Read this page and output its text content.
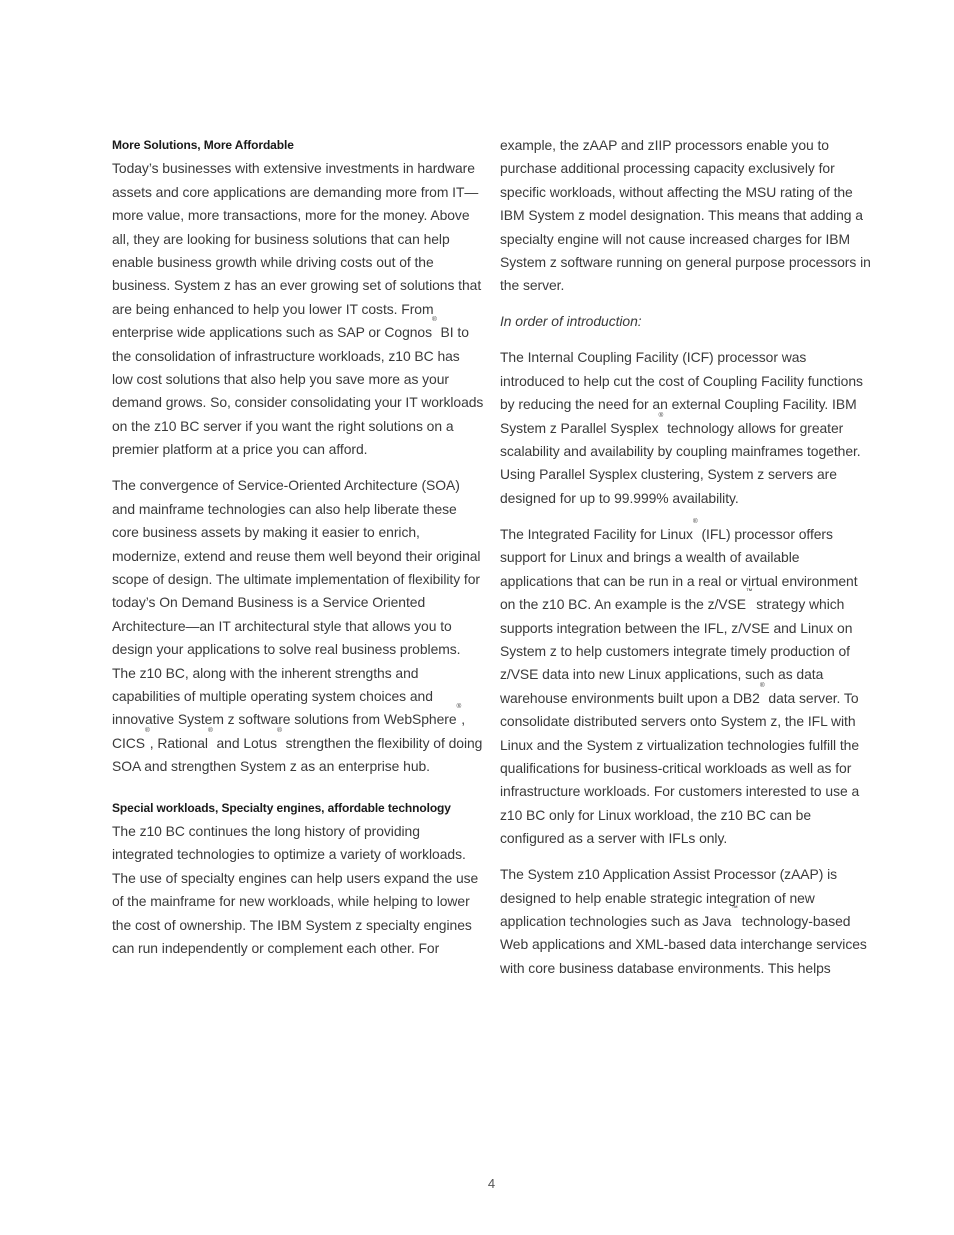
More Solutions, More Affordable

Today’s businesses with extensive investments in hardware assets and core applications are demanding more from IT—more value, more transactions, more for the money. Above all, they are looking for business solutions that can help enable business growth while driving costs out of the business. System z has an ever growing set of solutions that are being enhanced to help you lower IT costs. From enterprise wide applications such as SAP or Cognos® BI to the consolidation of infrastructure workloads, z10 BC has low cost solutions that also help you save more as your demand grows. So, consider consolidating your IT workloads on the z10 BC server if you want the right solutions on a premier platform at a price you can afford.

The convergence of Service-Oriented Architecture (SOA) and mainframe technologies can also help liberate these core business assets by making it easier to enrich, modernize, extend and reuse them well beyond their original scope of design. The ultimate implementation of flexibility for today’s On Demand Business is a Service Oriented Architecture—an IT architectural style that allows you to design your applications to solve real business problems. The z10 BC, along with the inherent strengths and capabilities of multiple operating system choices and innovative System z software solutions from WebSphere®, CICS®, Rational® and Lotus® strengthen the flexibility of doing SOA and strengthen System z as an enterprise hub.

Special workloads, Specialty engines, affordable technology

The z10 BC continues the long history of providing integrated technologies to optimize a variety of workloads. The use of specialty engines can help users expand the use of the mainframe for new workloads, while helping to lower the cost of ownership. The IBM System z specialty engines can run independently or complement each other. For

example, the zAAP and zIIP processors enable you to purchase additional processing capacity exclusively for specific workloads, without affecting the MSU rating of the IBM System z model designation. This means that adding a specialty engine will not cause increased charges for IBM System z software running on general purpose processors in the server.

In order of introduction:

The Internal Coupling Facility (ICF) processor was introduced to help cut the cost of Coupling Facility functions by reducing the need for an external Coupling Facility. IBM System z Parallel Sysplex® technology allows for greater scalability and availability by coupling mainframes together. Using Parallel Sysplex clustering, System z servers are designed for up to 99.999% availability.

The Integrated Facility for Linux® (IFL) processor offers support for Linux and brings a wealth of available applications that can be run in a real or virtual environment on the z10 BC. An example is the z/VSE™ strategy which supports integration between the IFL, z/VSE and Linux on System z to help customers integrate timely production of z/VSE data into new Linux applications, such as data warehouse environments built upon a DB2® data server. To consolidate distributed servers onto System z, the IFL with Linux and the System z virtualization technologies fulfill the qualifications for business-critical workloads as well as for infrastructure workloads. For customers interested to use a z10 BC only for Linux workload, the z10 BC can be configured as a server with IFLs only.

The System z10 Application Assist Processor (zAAP) is designed to help enable strategic integration of new application technologies such as Java™ technology-based Web applications and XML-based data interchange services with core business database environments. This helps

4
